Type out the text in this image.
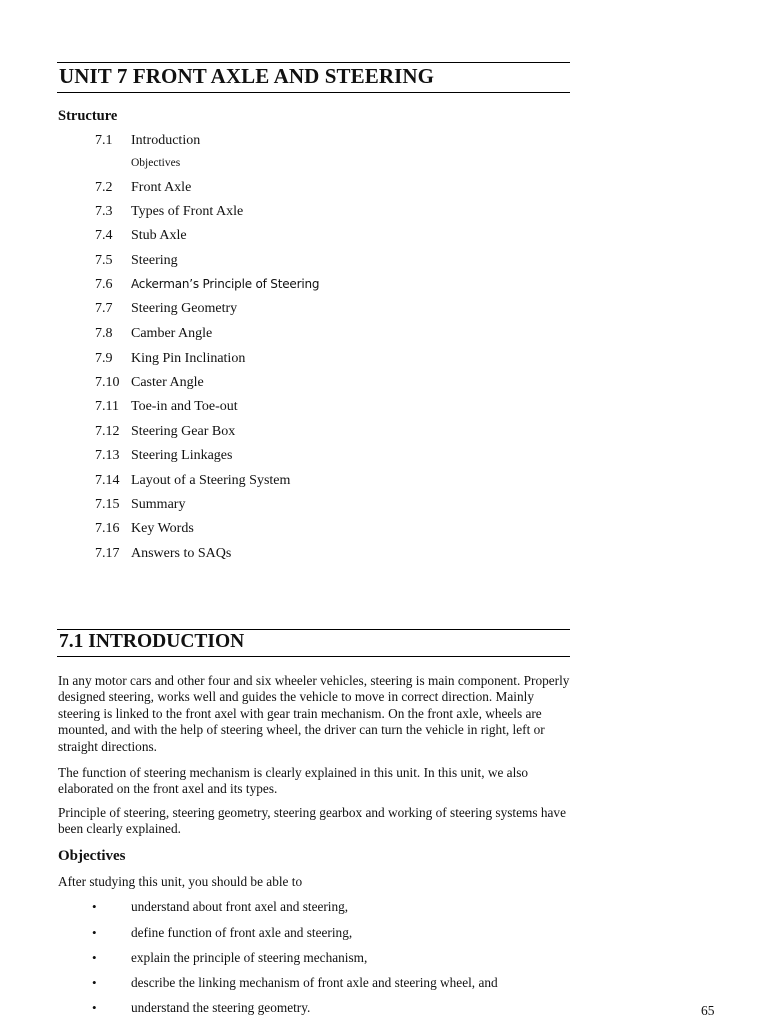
UNIT 7 FRONT AXLE AND STEERING
Structure
7.1 Introduction
Objectives
7.2 Front Axle
7.3 Types of Front Axle
7.4 Stub Axle
7.5 Steering
7.6 Ackerman’s Principle of Steering
7.7 Steering Geometry
7.8 Camber Angle
7.9 King Pin Inclination
7.10 Caster Angle
7.11 Toe-in and Toe-out
7.12 Steering Gear Box
7.13 Steering Linkages
7.14 Layout of a Steering System
7.15 Summary
7.16 Key Words
7.17 Answers to SAQs
7.1 INTRODUCTION
In any motor cars and other four and six wheeler vehicles, steering is main component. Properly designed steering, works well and guides the vehicle to move in correct direction. Mainly steering is linked to the front axel with gear train mechanism. On the front axle, wheels are mounted, and with the help of steering wheel, the driver can turn the vehicle in right, left or straight directions.
The function of steering mechanism is clearly explained in this unit. In this unit, we also elaborated on the front axel and its types.
Principle of steering, steering geometry, steering gearbox and working of steering systems have been clearly explained.
Objectives
After studying this unit, you should be able to
•	understand about front axel and steering,
•	define function of front axle and steering,
•	explain the principle of steering mechanism,
•	describe the linking mechanism of front axle and steering wheel, and
•	understand the steering geometry.	65
